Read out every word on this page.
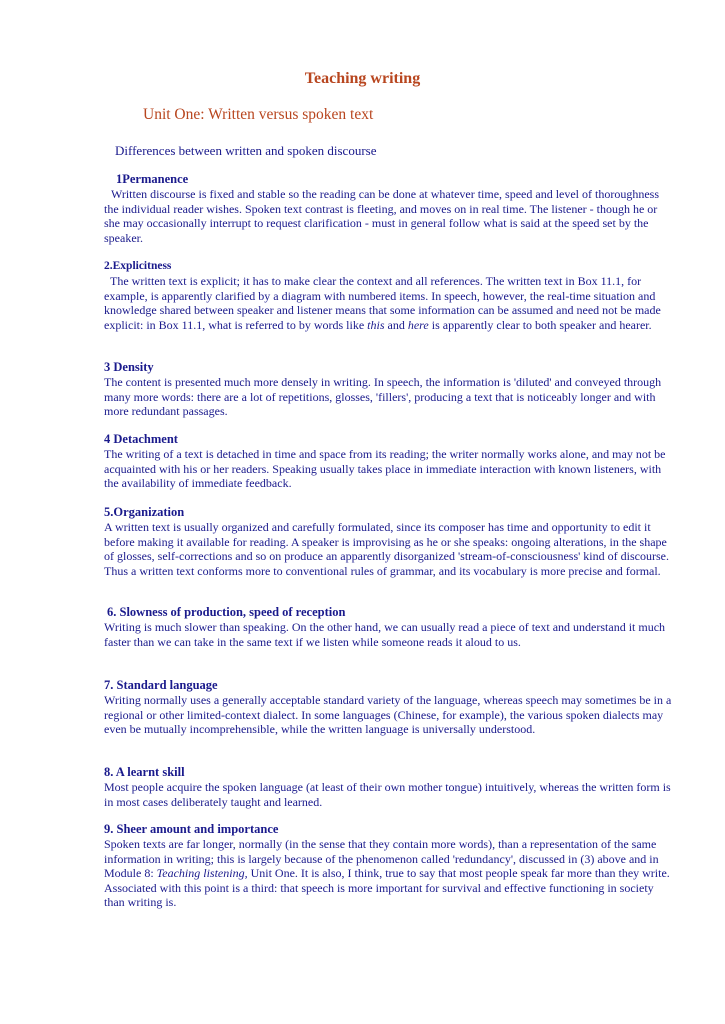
Teaching writing
Unit One: Written versus spoken text
Differences between written and spoken discourse
1Permanence

Written discourse is fixed and stable so the reading can be done at whatever time, speed and level of thoroughness the individual reader wishes. Spoken text contrast is fleeting, and moves on in real time. The listener - though he or she may occasionally interrupt to request clarification - must in general follow what is said at the speed set by the speaker.

2.Explicitness

The written text is explicit; it has to make clear the context and all references. The written text in Box 11.1, for example, is apparently clarified by a diagram with numbered items. In speech, however, the real-time situation and knowledge shared between speaker and listener means that some information can be assumed and need not be made explicit: in Box 11.1, what is referred to by words like this and here is apparently clear to both speaker and hearer.

3 Density

The content is presented much more densely in writing. In speech, the information is 'diluted' and conveyed through many more words: there are a lot of repetitions, glosses, 'fillers', producing a text that is noticeably longer and with more redundant passages.

4 Detachment

The writing of a text is detached in time and space from its reading; the writer normally works alone, and may not be acquainted with his or her readers. Speaking usually takes place in immediate interaction with known listeners, with the availability of immediate feedback.

5.Organization

A written text is usually organized and carefully formulated, since its composer has time and opportunity to edit it before making it available for reading. A speaker is improvising as he or she speaks: ongoing alterations, in the shape of glosses, self-corrections and so on produce an apparently disorganized 'stream-of-consciousness' kind of discourse. Thus a written text conforms more to conventional rules of grammar, and its vocabulary is more precise and formal.

6. Slowness of production, speed of reception

Writing is much slower than speaking. On the other hand, we can usually read a piece of text and understand it much faster than we can take in the same text if we listen while someone reads it aloud to us.

7. Standard language

Writing normally uses a generally acceptable standard variety of the language, whereas speech may sometimes be in a regional or other limited-context dialect. In some languages (Chinese, for example), the various spoken dialects may even be mutually incomprehensible, while the written language is universally understood.

8. A learnt skill

Most people acquire the spoken language (at least of their own mother tongue) intuitively, whereas the written form is in most cases deliberately taught and learned.

9. Sheer amount and importance

Spoken texts are far longer, normally (in the sense that they contain more words), than a representation of the same information in writing; this is largely because of the phenomenon called 'redundancy', discussed in (3) above and in Module 8: Teaching listening, Unit One. It is also, I think, true to say that most people speak far more than they write. Associated with this point is a third: that speech is more important for survival and effective functioning in society than writing is.
